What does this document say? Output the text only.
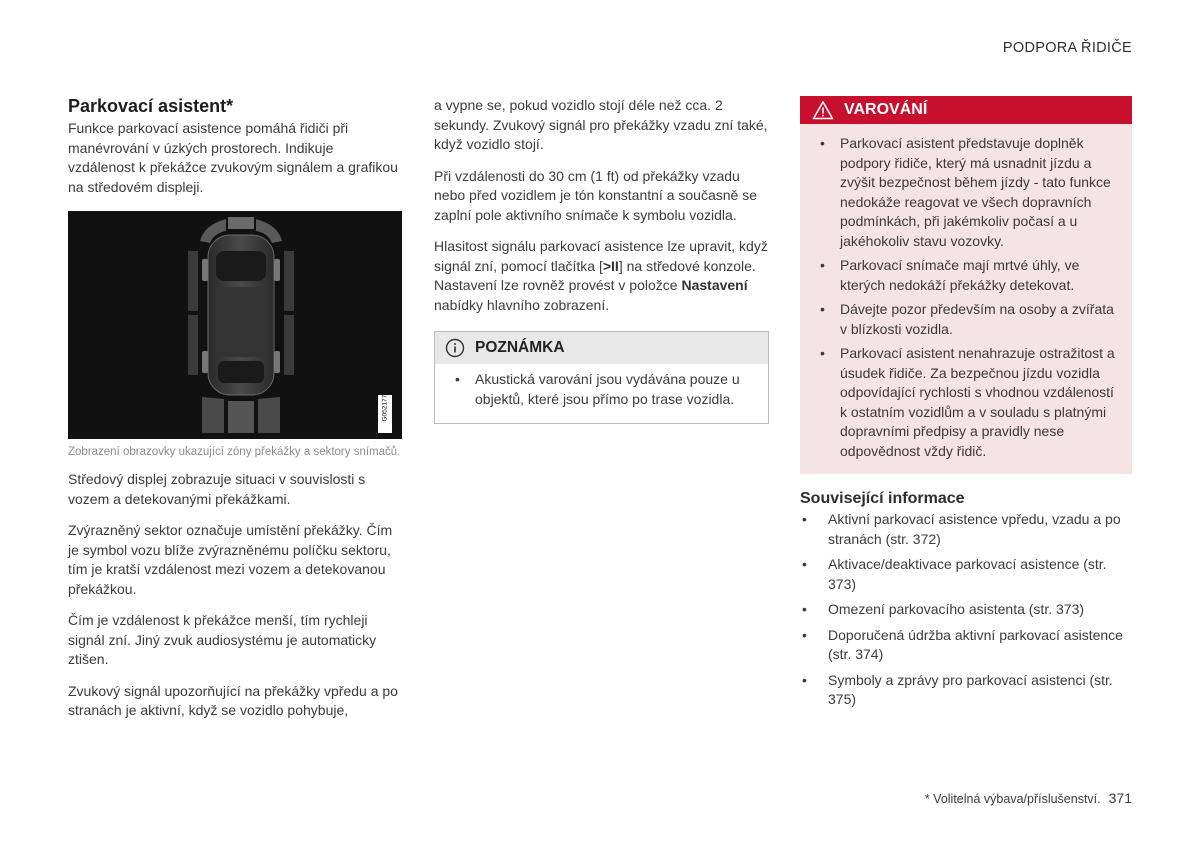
PODPORA ŘIDIČE
Parkovací asistent*

Funkce parkovací asistence pomáhá řidiči při manévrování v úzkých prostorech. Indikuje vzdálenost k překážce zvukovým signálem a grafikou na středovém displeji.

G052177
Zobrazení obrazovky ukazující zóny překážky a sektory snímačů.

Středový displej zobrazuje situaci v souvislosti s vozem a detekovanými překážkami.

Zvýrazněný sektor označuje umístění překážky. Čím je symbol vozu blíže zvýrazněnému políčku sektoru, tím je kratší vzdálenost mezi vozem a detekovanou překážkou.

Čím je vzdálenost k překážce menší, tím rychleji signál zní. Jiný zvuk audiosystému je automaticky ztišen.

Zvukový signál upozorňující na překážky vpředu a po stranách je aktivní, když se vozidlo pohybuje,

a vypne se, pokud vozidlo stojí déle než cca. 2 sekundy. Zvukový signál pro překážky vzadu zní také, když vozidlo stojí.

Při vzdálenosti do 30 cm (1 ft) od překážky vzadu nebo před vozidlem je tón konstantní a současně se zaplní pole aktivního snímače k symbolu vozidla.

Hlasitost signálu parkovací asistence lze upravit, když signál zní, pomocí tlačítka [>II] na středové konzole. Nastavení lze rovněž provést v položce Nastavení nabídky hlavního zobrazení.

POZNÁMKA
• Akustická varování jsou vydávána pouze u objektů, které jsou přímo po trase vozidla.
VAROVÁNÍ
• Parkovací asistent představuje doplněk podpory řidiče, který má usnadnit jízdu a zvýšit bezpečnost během jízdy - tato funkce nedokáže reagovat ve všech dopravních podmínkách, při jakémkoliv počasí a u jakéhokoliv stavu vozovky.
• Parkovací snímače mají mrtvé úhly, ve kterých nedokáží překážky detekovat.
• Dávejte pozor především na osoby a zvířata v blízkosti vozidla.
• Parkovací asistent nenahrazuje ostražitost a úsudek řidiče. Za bezpečnou jízdu vozidla odpovídající rychlosti s vhodnou vzdáleností k ostatním vozidlům a v souladu s platnými dopravními předpisy a pravidly nese odpovědnost vždy řidič.
Související informace
• Aktivní parkovací asistence vpředu, vzadu a po stranách (str. 372)
• Aktivace/deaktivace parkovací asistence (str. 373)
• Omezení parkovacího asistenta (str. 373)
• Doporučená údržba aktivní parkovací asistence (str. 374)
• Symboly a zprávy pro parkovací asistenci (str. 375)
* Volitelná výbava/příslušenství. 371
